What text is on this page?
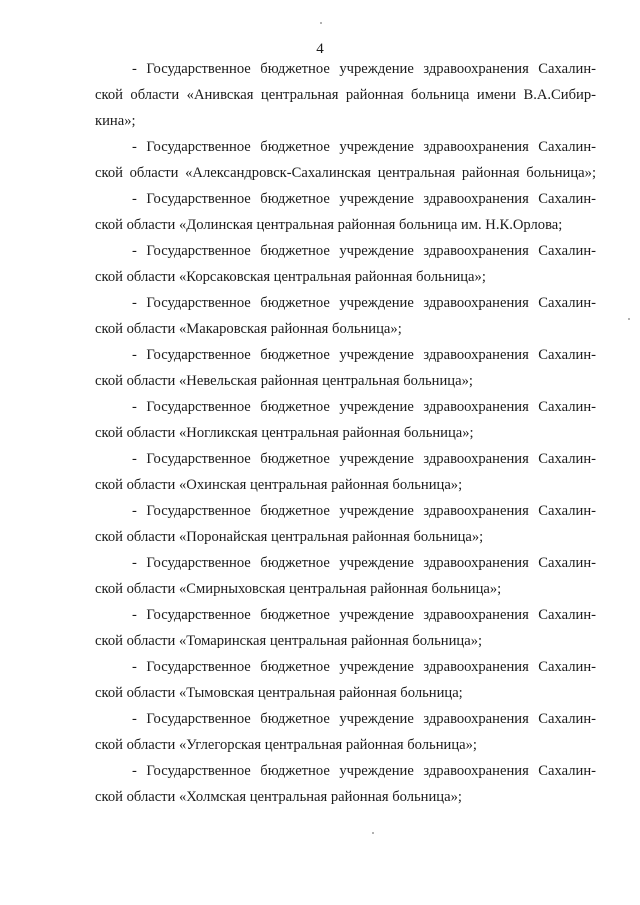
4
- Государственное бюджетное учреждение здравоохранения Сахалин-
ской области «Анивская центральная районная больница имени В.А.Сибир-
кина»;
- Государственное бюджетное учреждение здравоохранения Сахалин-
ской области «Александровск-Сахалинская центральная районная больница»;
- Государственное бюджетное учреждение здравоохранения Сахалин-
ской области «Долинская центральная районная больница им. Н.К.Орлова;
- Государственное бюджетное учреждение здравоохранения Сахалин-
ской области «Корсаковская центральная районная больница»;
- Государственное бюджетное учреждение здравоохранения Сахалин-
ской области «Макаровская районная больница»;
- Государственное бюджетное учреждение здравоохранения Сахалин-
ской области «Невельская районная центральная больница»;
- Государственное бюджетное учреждение здравоохранения Сахалин-
ской области «Ногликская центральная районная больница»;
- Государственное бюджетное учреждение здравоохранения Сахалин-
ской области «Охинская центральная районная больница»;
- Государственное бюджетное учреждение здравоохранения Сахалин-
ской области «Поронайская центральная районная больница»;
- Государственное бюджетное учреждение здравоохранения Сахалин-
ской области «Смирныховская центральная районная больница»;
- Государственное бюджетное учреждение здравоохранения Сахалин-
ской области «Томаринская центральная районная больница»;
- Государственное бюджетное учреждение здравоохранения Сахалин-
ской области «Тымовская центральная районная больница;
- Государственное бюджетное учреждение здравоохранения Сахалин-
ской области «Углегорская центральная районная больница»;
- Государственное бюджетное учреждение здравоохранения Сахалин-
ской области «Холмская центральная районная больница»;
